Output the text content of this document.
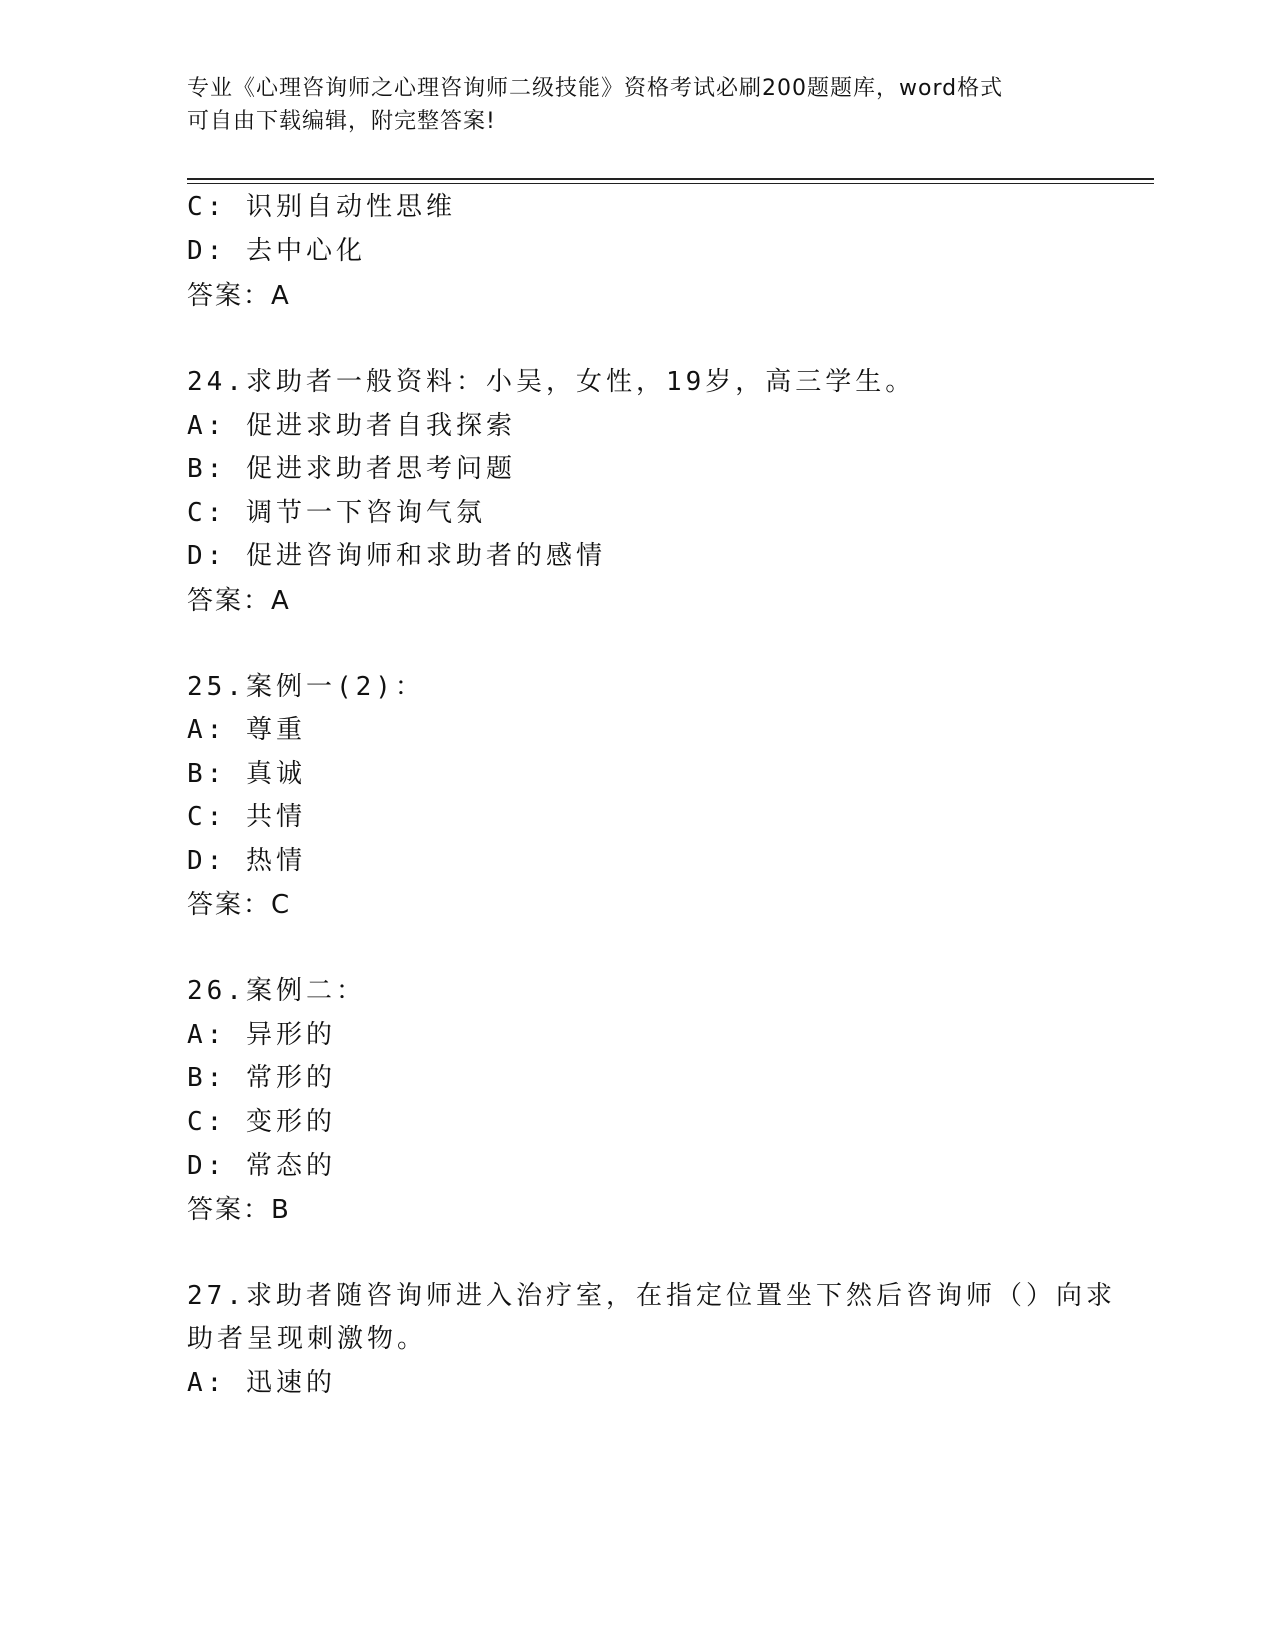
专业《心理咨询师之心理咨询师二级技能》资格考试必刷200题题库，word格式
可自由下载编辑，附完整答案!
C: 识别自动性思维
D: 去中心化
答案：A
24.求助者一般资料：小吴，女性，19岁，高三学生。
A: 促进求助者自我探索
B: 促进求助者思考问题
C: 调节一下咨询气氛
D: 促进咨询师和求助者的感情
答案：A
25.案例一(2)：
A: 尊重
B: 真诚
C: 共情
D: 热情
答案：C
26.案例二：
A: 异形的
B: 常形的
C: 变形的
D: 常态的
答案：B
27.求助者随咨询师进入治疗室，在指定位置坐下然后咨询师（）向求
助者呈现刺激物。
A: 迅速的
